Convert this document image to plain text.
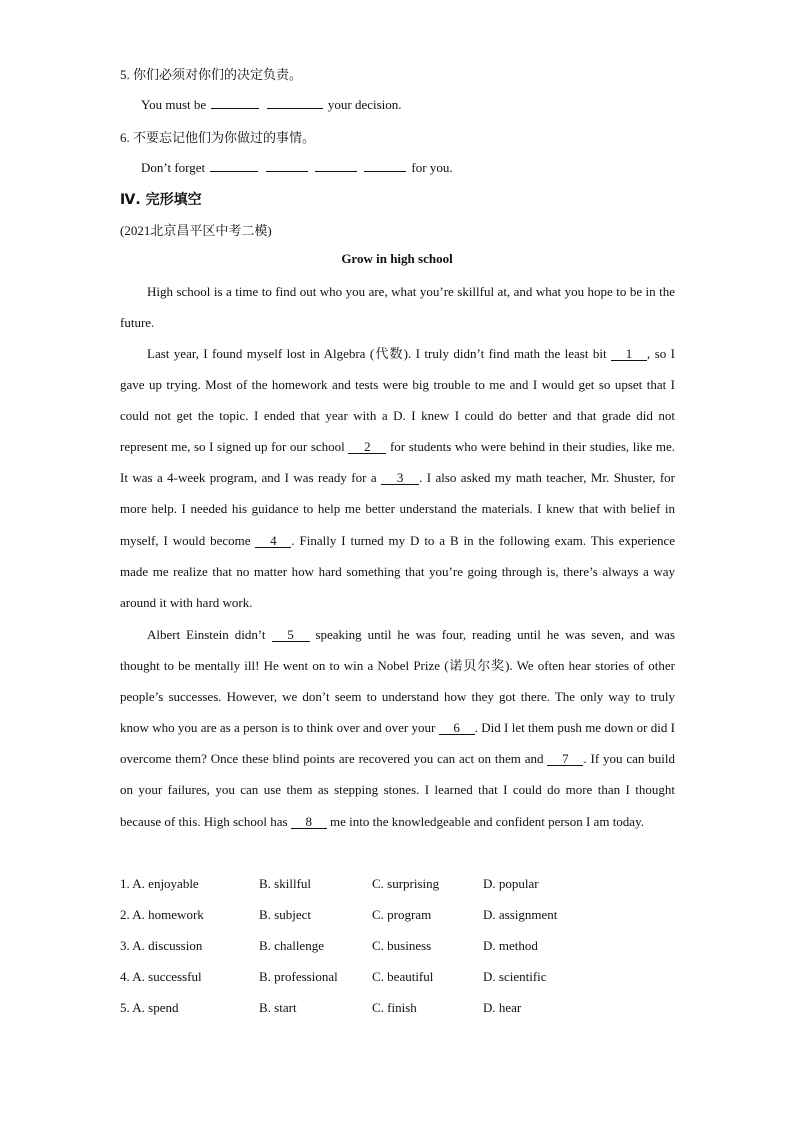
5. 你们必须对你们的决定负责。
You must be	your decision.
6. 不要忘记他们为你做过的事情。
Don’t forget	for you.
Ⅳ. 完形填空
(2021北京昌平区中考二模)
Grow in high school

High school is a time to find out who you are, what you’re skillful at, and what you hope to be in the future.

Last year, I found myself lost in Algebra (代数). I truly didn’t find math the least bit 1 , so I gave up trying. Most of the homework and tests were big trouble to me and I would get so upset that I could not get the topic. I ended that year with a D. I knew I could do better and that grade did not represent me, so I signed up for our school 2 for students who were behind in their studies, like me. It was a 4-week program, and I was ready for a 3 . I also asked my math teacher, Mr. Shuster, for more help. I needed his guidance to help me better understand the materials. I knew that with belief in myself, I would become 4 . Finally I turned my D to a B in the following exam. This experience made me realize that no matter how hard something that you’re going through is, there’s always a way around it with hard work.

Albert Einstein didn’t 5 speaking until he was four, reading until he was seven, and was thought to be mentally ill! He went on to win a Nobel Prize (诺贝尔奖). We often hear stories of other people’s successes. However, we don’t seem to understand how they got there. The only way to truly know who you are as a person is to think over and over your 6 . Did I let them push me down or did I overcome them? Once these blind points are recovered you can act on them and 7 . If you can build on your failures, you can use them as stepping stones. I learned that I could do more than I thought because of this. High school has 8 me into the knowledgeable and confident person I am today.

1. A. enjoyable	B. skillful	C. surprising	D. popular
2. A. homework	B. subject	C. program	D. assignment
3. A. discussion	B. challenge	C. business	D. method
4. A. successful	B. professional	C. beautiful	D. scientific
5. A. spend	B. start	C. finish	D. hear
